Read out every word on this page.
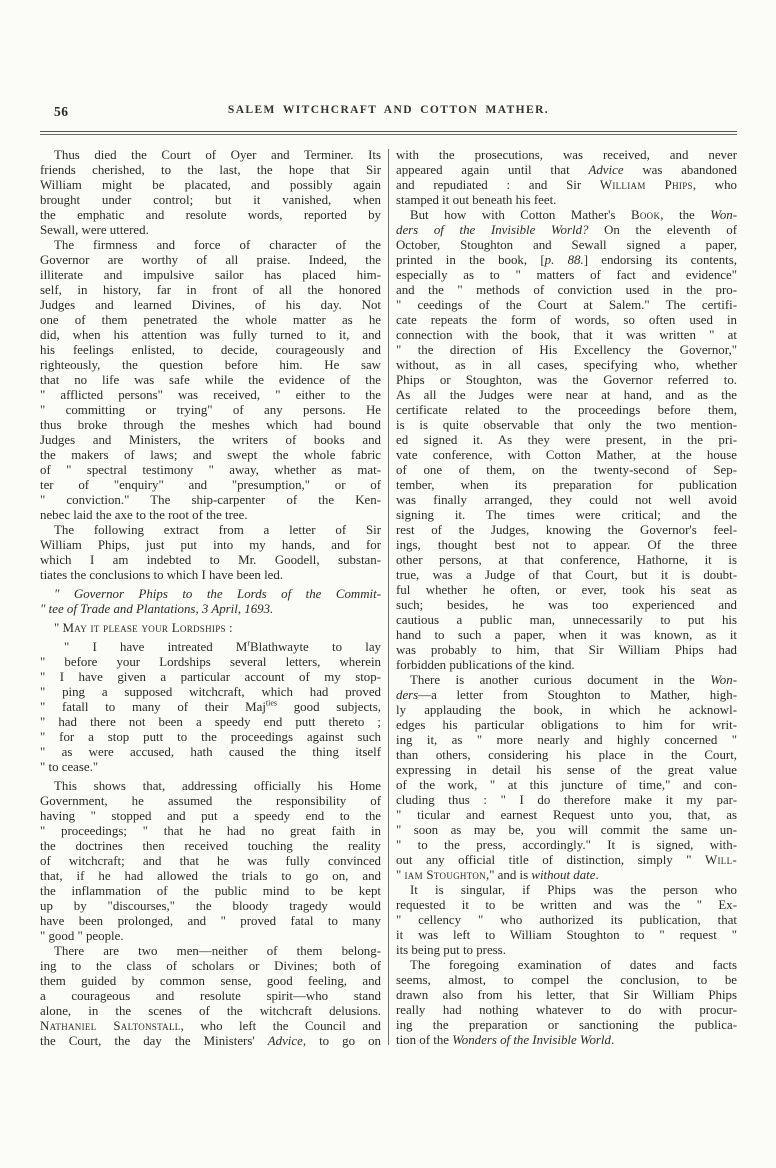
56	SALEM WITCHCRAFT AND COTTON MATHER.
Thus died the Court of Oyer and Terminer. Its
friends cherished, to the last, the hope that Sir
William might be placated, and possibly again
brought under control; but it vanished, when
the emphatic and resolute words, reported by
Sewall, were uttered.
The firmness and force of character of the
Governor are worthy of all praise. Indeed, the
illiterate and impulsive sailor has placed him-
self, in history, far in front of all the honored
Judges and learned Divines, of his day. Not
one of them penetrated the whole matter as he
did, when his attention was fully turned to it, and
his feelings enlisted, to decide, courageously and
righteously, the question before him. He saw
that no life was safe while the evidence of the
" afflicted persons" was received, " either to the
" committing or trying" of any persons. He
thus broke through the meshes which had bound
Judges and Ministers, the writers of books and
the makers of laws; and swept the whole fabric
of " spectral testimony " away, whether as mat-
ter of "enquiry" and "presumption," or of
" conviction." The ship-carpenter of the Ken-
nebec laid the axe to the root of the tree.
The following extract from a letter of Sir
William Phips, just put into my hands, and for
which I am indebted to Mr. Goodell, substan-
tiates the conclusions to which I have been led.
" Governor Phips to the Lords of the Commit-
" tee of Trade and Plantations, 3 April, 1693.
" May it please your Lordships :
" I have intreated $M^rBlathwayte$ to lay
" before your Lordships several letters, wherein
" I have given a particular account of my stop-
" ping a supposed witchcraft, which had proved
" fatall to many of their Maj$^{ties}$ good subjects,
" had there not been a speedy end putt thereto ;
" for a stop putt to the proceedings against such
" as were accused, hath caused the thing itself
" to cease."
This shows that, addressing officially his Home
Government, he assumed the responsibility of
having " stopped and put a speedy end to the
" proceedings; " that he had no great faith in
the doctrines then received touching the reality
of witchcraft; and that he was fully convinced
that, if he had allowed the trials to go on, and
the inflammation of the public mind to be kept
up by "discourses," the bloody tragedy would
have been prolonged, and " proved fatal to many
" good " people.
There are two men—neither of them belong-
ing to the class of scholars or Divines; both of
them guided by common sense, good feeling, and
a courageous and resolute spirit—who stand
alone, in the scenes of the witchcraft delusions.
Nathaniel Saltonstall, who left the Council and
the Court, the day the Ministers' Advice, to go on
with the prosecutions, was received, and never
appeared again until that Advice was abandoned
and repudiated : and Sir William Phips, who
stamped it out beneath his feet.
But how with Cotton Mather's Book, the Won-
ders of the Invisible World? On the eleventh of
October, Stoughton and Sewall signed a paper,
printed in the book, [p. 88.] endorsing its contents,
especially as to " matters of fact and evidence"
and the " methods of conviction used in the pro-
" ceedings of the Court at Salem." The certifi-
cate repeats the form of words, so often used in
connection with the book, that it was written " at
" the direction of His Excellency the Governor,"
without, as in all cases, specifying who, whether
Phips or Stoughton, was the Governor referred to.
As all the Judges were near at hand, and as the
certificate related to the proceedings before them,
is is quite observable that only the two mention-
ed signed it. As they were present, in the pri-
vate conference, with Cotton Mather, at the house
of one of them, on the twenty-second of Sep-
tember, when its preparation for publication
was finally arranged, they could not well avoid
signing it. The times were critical; and the
rest of the Judges, knowing the Governor's feel-
ings, thought best not to appear. Of the three
other persons, at that conference, Hathorne, it is
true, was a Judge of that Court, but it is doubt-
ful whether he often, or ever, took his seat as
such; besides, he was too experienced and
cautious a public man, unnecessarily to put his
hand to such a paper, when it was known, as it
was probably to him, that Sir William Phips had
forbidden publications of the kind.
There is another curious document in the Won-
ders—a letter from Stoughton to Mather, high-
ly applauding the book, in which he acknowl-
edges his particular obligations to him for writ-
ing it, as " more nearly and highly concerned "
than others, considering his place in the Court,
expressing in detail his sense of the great value
of the work, " at this juncture of time," and con-
cluding thus : " I do therefore make it my par-
" ticular and earnest Request unto you, that, as
" soon as may be, you will commit the same un-
" to the press, accordingly." It is signed, with-
out any official title of distinction, simply " Will-
" iam Stoughton," and is without date.
It is singular, if Phips was the person who
requested it to be written and was the " Ex-
" cellency " who authorized its publication, that
it was left to William Stoughton to " request "
its being put to press.
The foregoing examination of dates and facts
seems, almost, to compel the conclusion, to be
drawn also from his letter, that Sir William Phips
really had nothing whatever to do with procur-
ing the preparation or sanctioning the publica-
tion of the Wonders of the Invisible World.
